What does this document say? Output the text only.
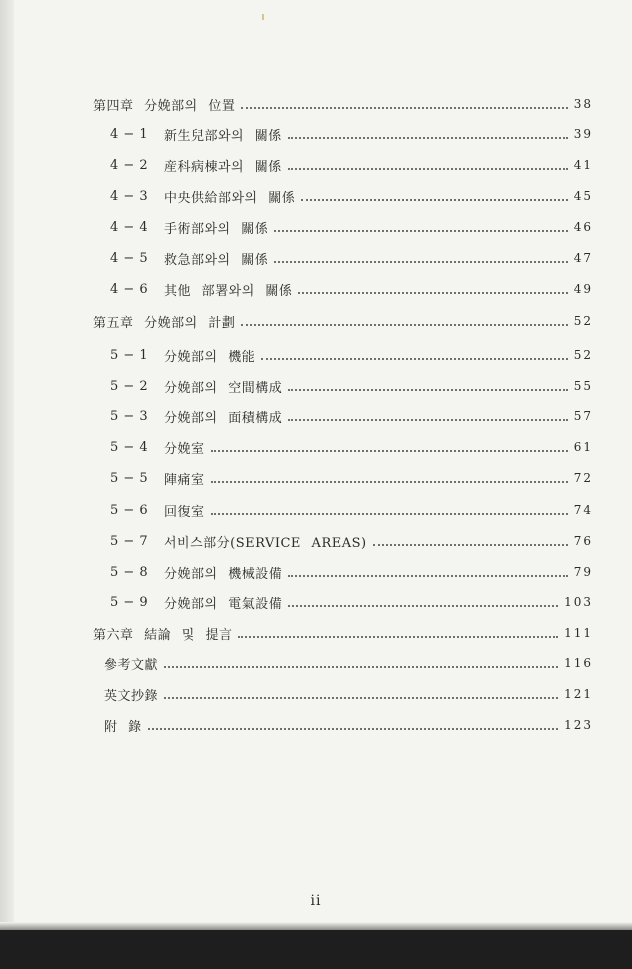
第四章 分娩部의 位置	38
4 − 1	新生兒部와의 關係	39
4 − 2	産科病棟과의 關係	41
4 − 3	中央供給部와의 關係	45
4 − 4	手術部와의 關係	46
4 − 5	救急部와의 關係	47
4 − 6	其他 部署와의 關係	49
第五章 分娩部의 計劃	52
5 − 1	分娩部의 機能	52
5 − 2	分娩部의 空間構成	55
5 − 3	分娩部의 面積構成	57
5 − 4	分娩室	61
5 − 5	陣痛室	72
5 − 6	回復室	74
5 − 7	서비스部分(SERVICE AREAS)	76
5 − 8	分娩部의 機械設備	79
5 − 9	分娩部의 電氣設備	103
第六章 結論 및 提言	111
參考文獻	116
英文抄錄	121
附 錄	123
ii
